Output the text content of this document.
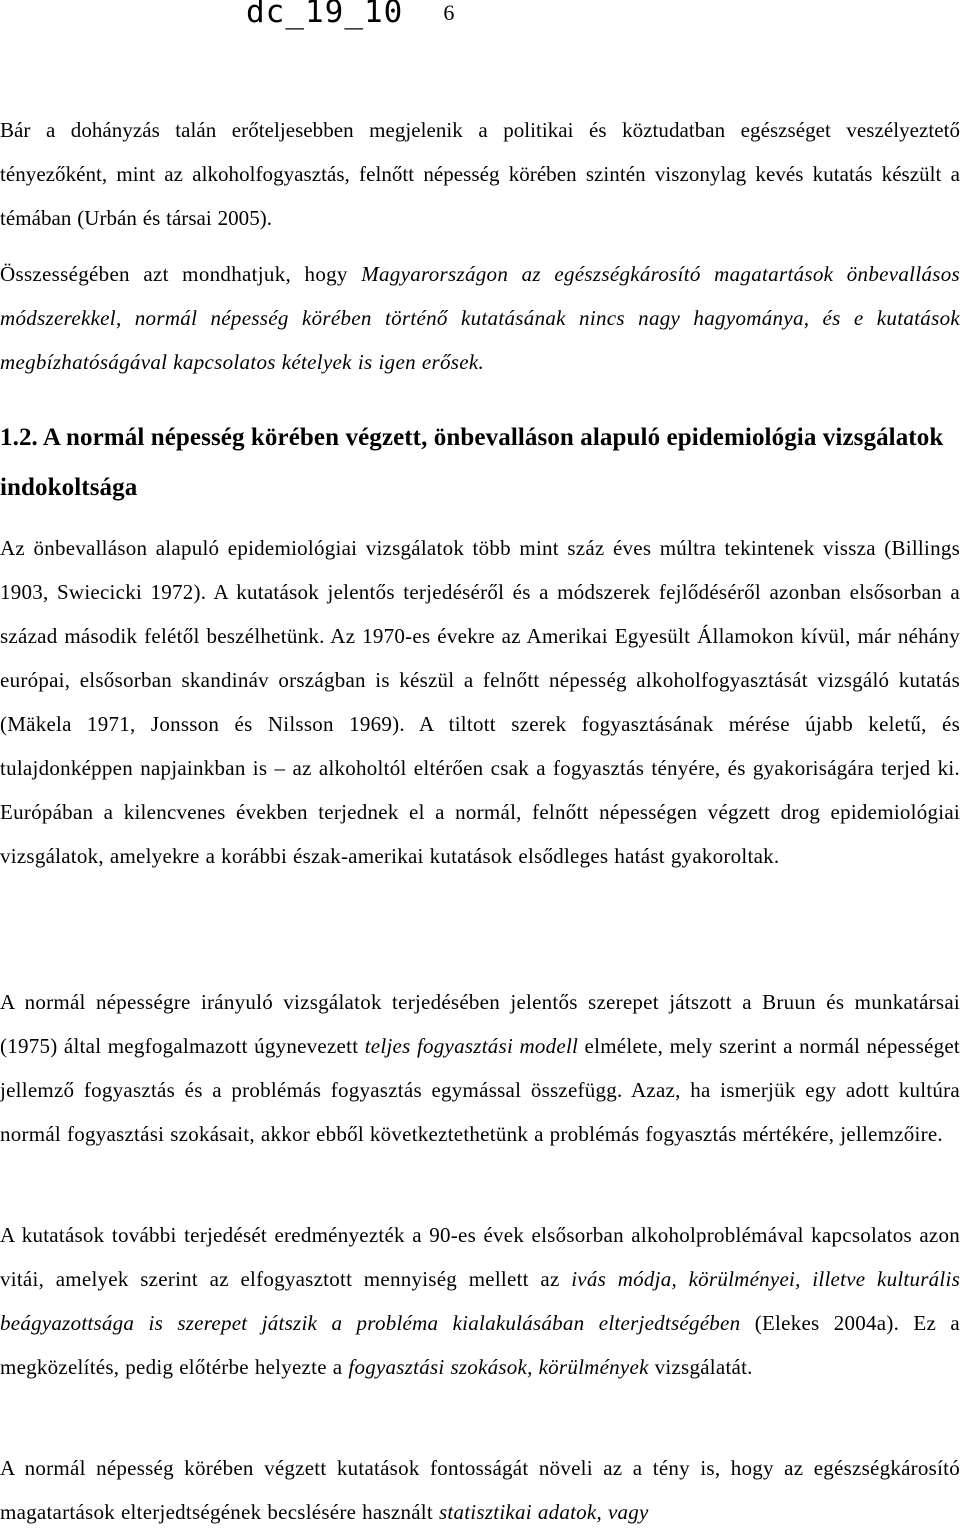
dc_19_10 6

Bár a dohányzás talán erőteljesebben megjelenik a politikai és köztudatban egészséget veszélyeztető tényezőként, mint az alkoholfogyasztás, felnőtt népesség körében szintén viszonylag kevés kutatás készült a témában (Urbán és társai 2005).

Összességében azt mondhatjuk, hogy Magyarországon az egészségkárosító magatartások önbevallásos módszerekkel, normál népesség körében történő kutatásának nincs nagy hagyománya, és e kutatások megbízhatóságával kapcsolatos kételyek is igen erősek.

1.2. A normál népesség körében végzett, önbevalláson alapuló epidemiológia vizsgálatok indokoltsága

Az önbevalláson alapuló epidemiológiai vizsgálatok több mint száz éves múltra tekintenek vissza (Billings 1903, Swiecicki 1972). A kutatások jelentős terjedéséről és a módszerek fejlődéséről azonban elsősorban a század második felétől beszélhetünk. Az 1970-es évekre az Amerikai Egyesült Államokon kívül, már néhány európai, elsősorban skandináv országban is készül a felnőtt népesség alkoholfogyasztását vizsgáló kutatás (Mäkela 1971, Jonsson és Nilsson 1969). A tiltott szerek fogyasztásának mérése újabb keletű, és tulajdonképpen napjainkban is – az alkoholtól eltérően csak a fogyasztás tényére, és gyakoriságára terjed ki. Európában a kilencvenes években terjednek el a normál, felnőtt népességen végzett drog epidemiológiai vizsgálatok, amelyekre a korábbi észak-amerikai kutatások elsődleges hatást gyakoroltak.

A normál népességre irányuló vizsgálatok terjedésében jelentős szerepet játszott a Bruun és munkatársai (1975) által megfogalmazott úgynevezett teljes fogyasztási modell elmélete, mely szerint a normál népességet jellemző fogyasztás és a problémás fogyasztás egymással összefügg. Azaz, ha ismerjük egy adott kultúra normál fogyasztási szokásait, akkor ebből következtethetünk a problémás fogyasztás mértékére, jellemzőire.

A kutatások további terjedését eredményezték a 90-es évek elsősorban alkoholproblémával kapcsolatos azon vitái, amelyek szerint az elfogyasztott mennyiség mellett az ivás módja, körülményei, illetve kulturális beágyazottsága is szerepet játszik a probléma kialakulásában elterjedtségében (Elekes 2004a). Ez a megközelítés, pedig előtérbe helyezte a fogyasztási szokások, körülmények vizsgálatát.

A normál népesség körében végzett kutatások fontosságát növeli az a tény is, hogy az egészségkárosító magatartások elterjedtségének becslésére használt statisztikai adatok, vagy
